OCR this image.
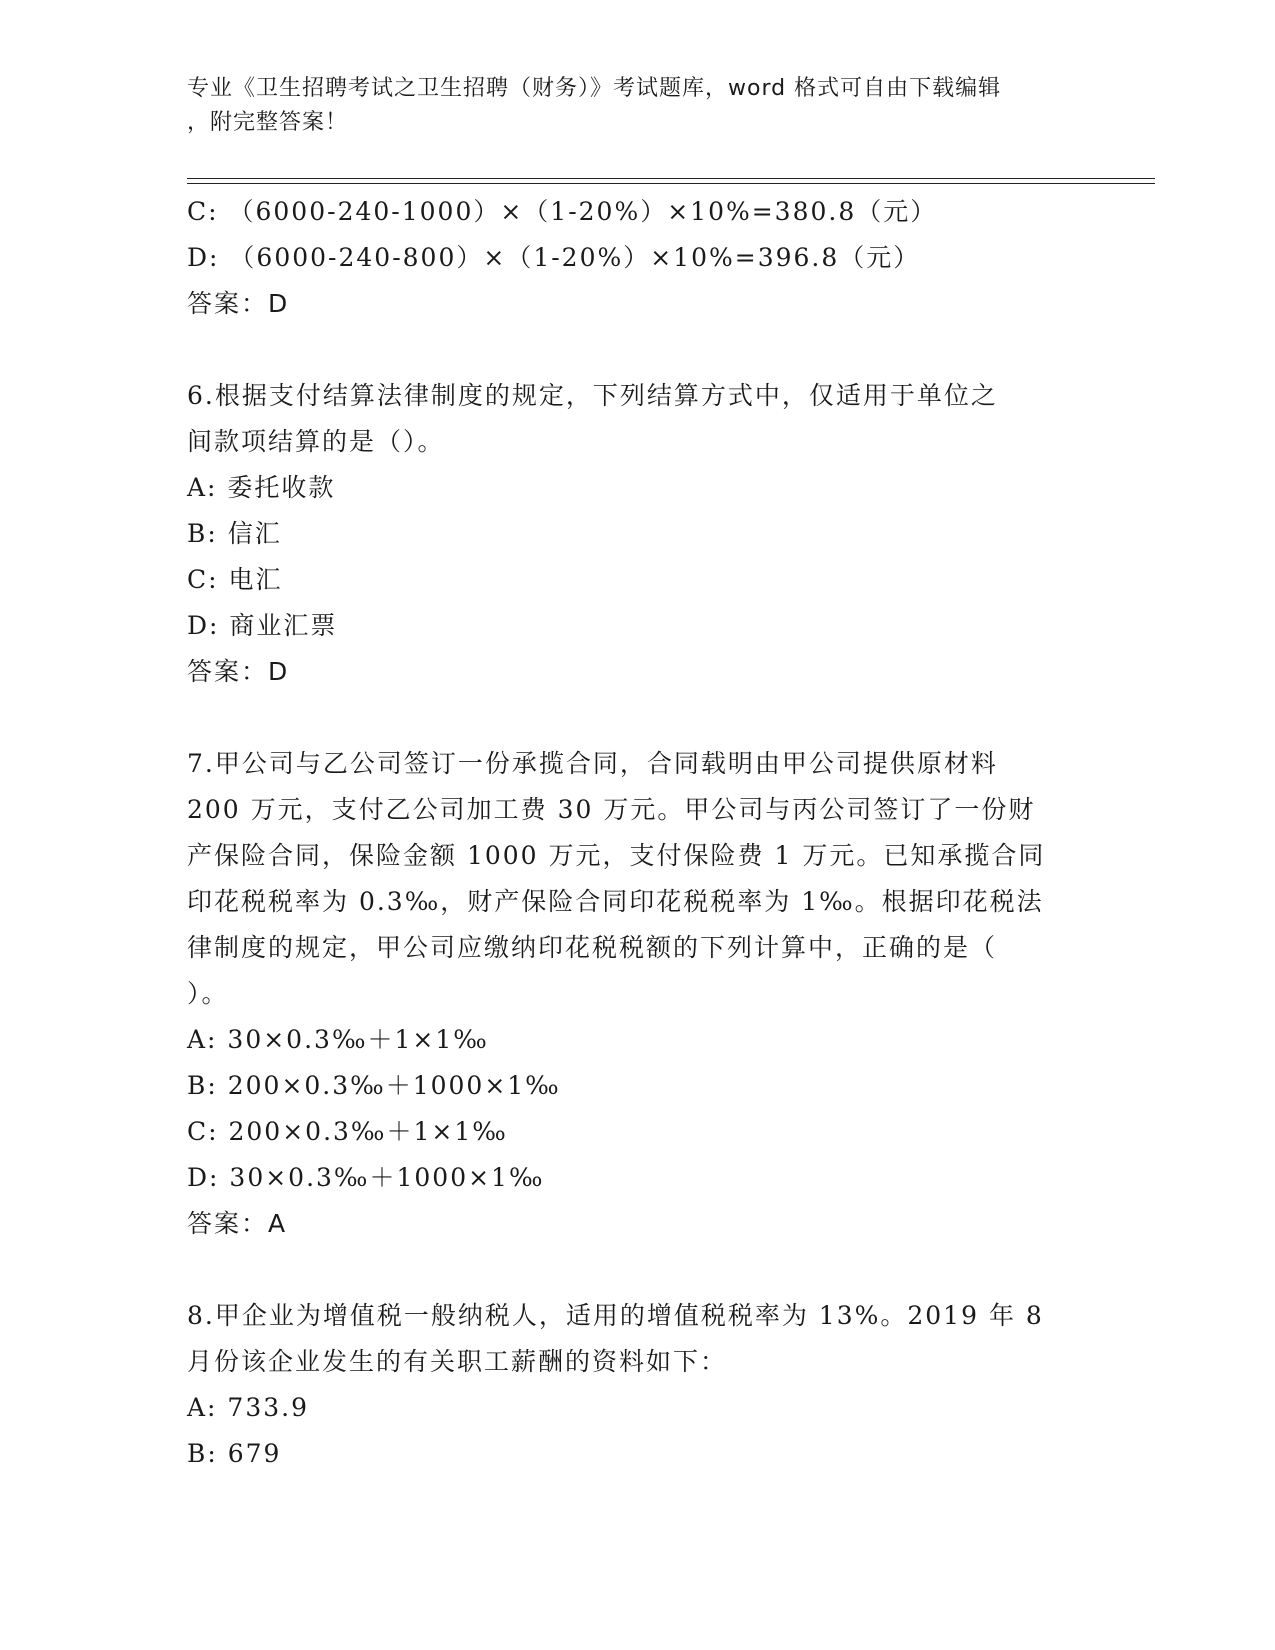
专业《卫生招聘考试之卫生招聘（财务）》考试题库，word 格式可自由下载编辑
，附完整答案！
C: （6000-240-1000）×（1-20%）×10%=380.8（元）
D: （6000-240-800）×（1-20%）×10%=396.8（元）
答案：D
6.根据支付结算法律制度的规定，下列结算方式中，仅适用于单位之
间款项结算的是（）。
A: 委托收款
B: 信汇
C: 电汇
D: 商业汇票
答案：D
7.甲公司与乙公司签订一份承揽合同，合同载明由甲公司提供原材料
200 万元，支付乙公司加工费 30 万元。甲公司与丙公司签订了一份财
产保险合同，保险金额 1000 万元，支付保险费 1 万元。已知承揽合同
印花税税率为 0.3‰，财产保险合同印花税税率为 1‰。根据印花税法
律制度的规定，甲公司应缴纳印花税税额的下列计算中，正确的是（
）。
A: 30×0.3‰＋1×1‰
B: 200×0.3‰＋1000×1‰
C: 200×0.3‰＋1×1‰
D: 30×0.3‰＋1000×1‰
答案：A
8.甲企业为增值税一般纳税人，适用的增值税税率为 13%。2019 年 8
月份该企业发生的有关职工薪酬的资料如下：
A: 733.9
B: 679
